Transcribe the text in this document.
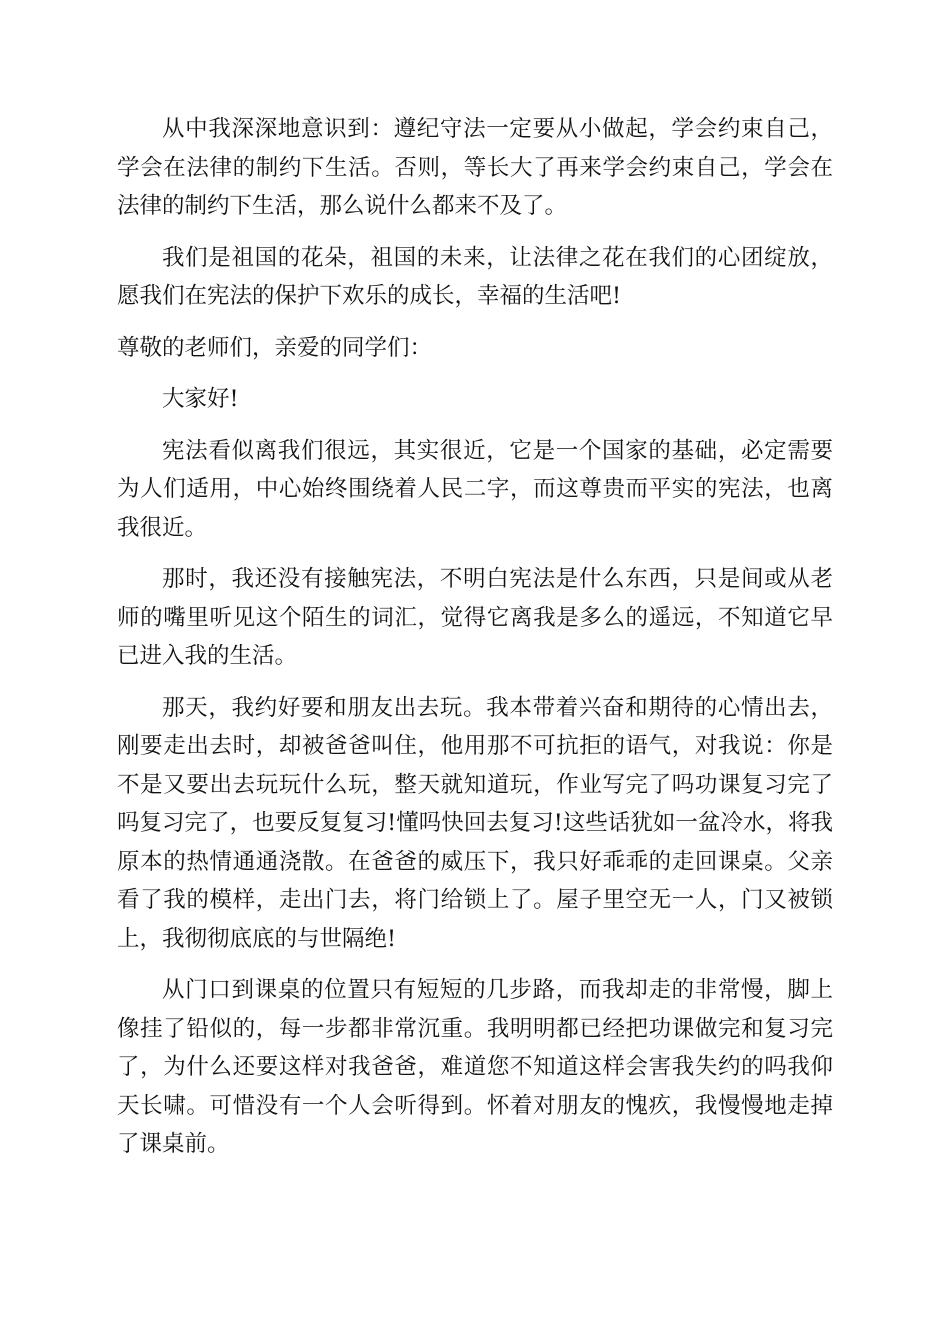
从中我深深地意识到：遵纪守法一定要从小做起，学会约束自己，学会在法律的制约下生活。否则，等长大了再来学会约束自己，学会在法律的制约下生活，那么说什么都来不及了。

我们是祖国的花朵，祖国的未来，让法律之花在我们的心团绽放，愿我们在宪法的保护下欢乐的成长，幸福的生活吧!

尊敬的老师们，亲爱的同学们：

大家好!

宪法看似离我们很远，其实很近，它是一个国家的基础，必定需要为人们适用，中心始终围绕着人民二字，而这尊贵而平实的宪法，也离我很近。

那时，我还没有接触宪法，不明白宪法是什么东西，只是间或从老师的嘴里听见这个陌生的词汇，觉得它离我是多么的遥远，不知道它早已进入我的生活。

那天，我约好要和朋友出去玩。我本带着兴奋和期待的心情出去，刚要走出去时，却被爸爸叫住，他用那不可抗拒的语气，对我说：你是不是又要出去玩玩什么玩，整天就知道玩，作业写完了吗功课复习完了吗复习完了，也要反复复习!懂吗快回去复习!这些话犹如一盆冷水，将我原本的热情通通浇散。在爸爸的威压下，我只好乖乖的走回课桌。父亲看了我的模样，走出门去，将门给锁上了。屋子里空无一人，门又被锁上，我彻彻底底的与世隔绝!

从门口到课桌的位置只有短短的几步路，而我却走的非常慢，脚上像挂了铅似的，每一步都非常沉重。我明明都已经把功课做完和复习完了，为什么还要这样对我爸爸，难道您不知道这样会害我失约的吗我仰天长啸。可惜没有一个人会听得到。怀着对朋友的愧疚，我慢慢地走掉了课桌前。
